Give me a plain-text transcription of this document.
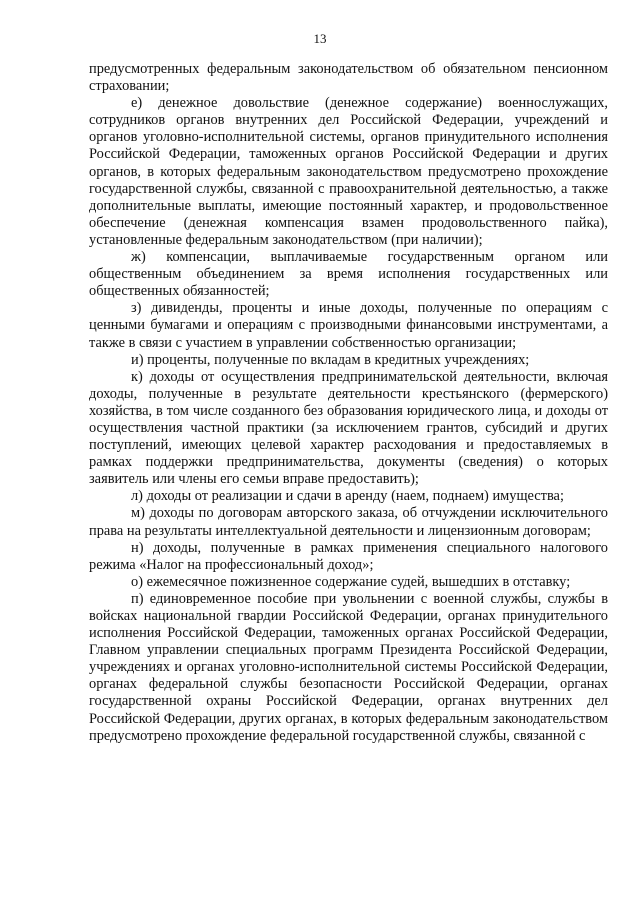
13

предусмотренных федеральным законодательством об обязательном пенсионном страховании;

е) денежное довольствие (денежное содержание) военнослужащих, сотрудников органов внутренних дел Российской Федерации, учреждений и органов уголовно-исполнительной системы, органов принудительного исполнения Российской Федерации, таможенных органов Российской Федерации и других органов, в которых федеральным законодательством предусмотрено прохождение государственной службы, связанной с правоохранительной деятельностью, а также дополнительные выплаты, имеющие постоянный характер, и продовольственное обеспечение (денежная компенсация взамен продовольственного пайка), установленные федеральным законодательством (при наличии);

ж) компенсации, выплачиваемые государственным органом или общественным объединением за время исполнения государственных или общественных обязанностей;

з) дивиденды, проценты и иные доходы, полученные по операциям с ценными бумагами и операциям с производными финансовыми инструментами, а также в связи с участием в управлении собственностью организации;

и) проценты, полученные по вкладам в кредитных учреждениях;

к) доходы от осуществления предпринимательской деятельности, включая доходы, полученные в результате деятельности крестьянского (фермерского) хозяйства, в том числе созданного без образования юридического лица, и доходы от осуществления частной практики (за исключением грантов, субсидий и других поступлений, имеющих целевой характер расходования и предоставляемых в рамках поддержки предпринимательства, документы (сведения) о которых заявитель или члены его семьи вправе предоставить);

л) доходы от реализации и сдачи в аренду (наем, поднаем) имущества;

м) доходы по договорам авторского заказа, об отчуждении исключительного права на результаты интеллектуальной деятельности и лицензионным договорам;

н) доходы, полученные в рамках применения специального налогового режима «Налог на профессиональный доход»;

о) ежемесячное пожизненное содержание судей, вышедших в отставку;

п) единовременное пособие при увольнении с военной службы, службы в войсках национальной гвардии Российской Федерации, органах принудительного исполнения Российской Федерации, таможенных органах Российской Федерации, Главном управлении специальных программ Президента Российской Федерации, учреждениях и органах уголовно-исполнительной системы Российской Федерации, органах федеральной службы безопасности Российской Федерации, органах государственной охраны Российской Федерации, органах внутренних дел Российской Федерации, других органах, в которых федеральным законодательством предусмотрено прохождение федеральной государственной службы, связанной с
